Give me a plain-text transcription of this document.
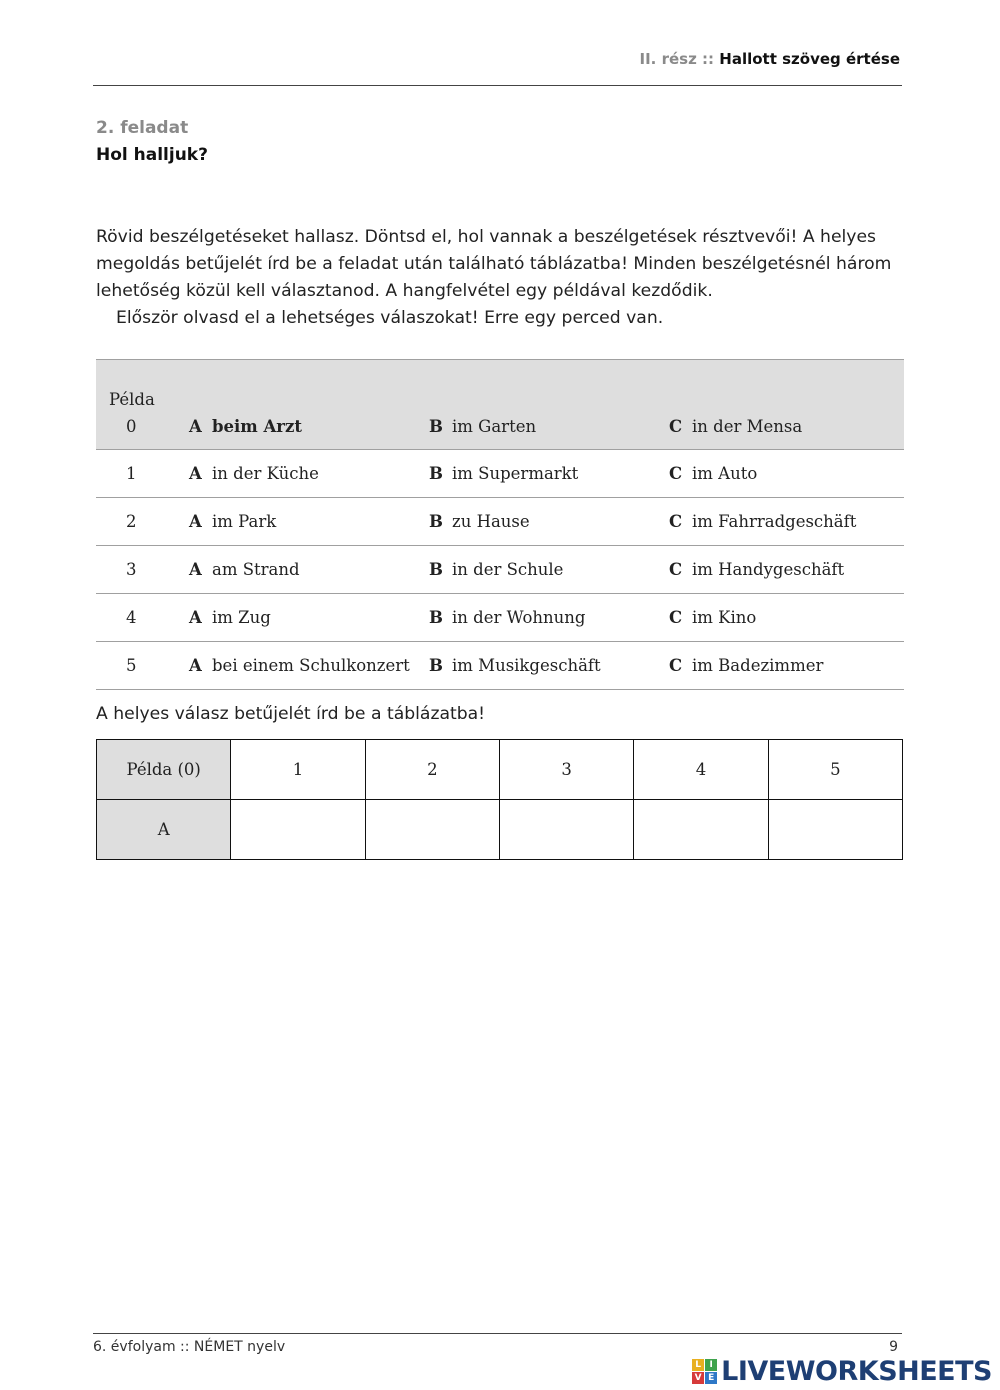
II. rész :: Hallott szöveg értése
2. feladat
Hol halljuk?

Rövid beszélgetéseket hallasz. Döntsd el, hol vannak a beszélgetések résztvevői! A helyes megoldás betűjelét írd be a feladat után található táblázatba! Minden beszélgetésnél három lehetőség közül kell választanod. A hangfelvétel egy példával kezdődik.

Először olvasd el a lehetséges válaszokat! Erre egy perced van.

Példa
0	A beim Arzt	B im Garten	C in der Mensa
1	A in der Küche	B im Supermarkt	C im Auto
2	A im Park	B zu Hause	C im Fahrradgeschäft
3	A am Strand	B in der Schule	C im Handygeschäft
4	A im Zug	B in der Wohnung	C im Kino
5	A bei einem Schulkonzert	B im Musikgeschäft	C im Badezimmer
A helyes válasz betűjelét írd be a táblázatba!
Példa (0)	1	2	3	4	5
A					
6. évfolyam :: NÉMET nyelv	9
L I
V E LIVEWORKSHEETS
